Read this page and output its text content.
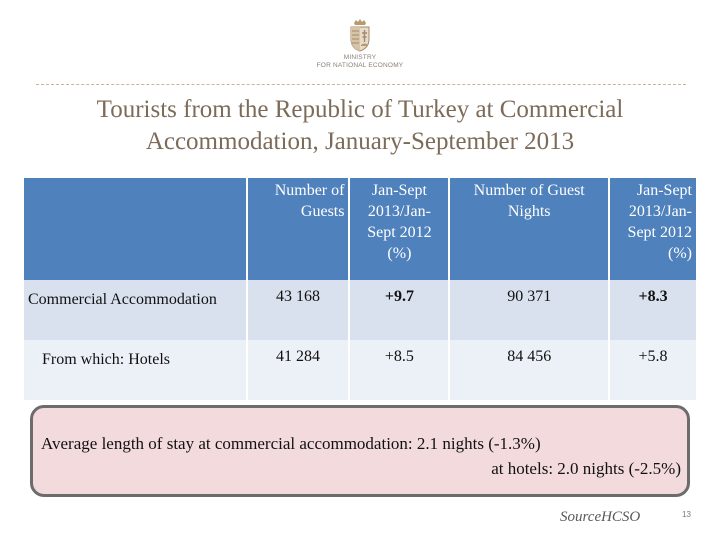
MINISTRY
FOR NATIONAL ECONOMY
Tourists from the Republic of Turkey at Commercial
Accommodation, January-September 2013
	Number of Guests	Jan-Sept 2013/Jan-Sept 2012 (%)	Number of Guest Nights	Jan-Sept 2013/Jan-Sept 2012 (%)
Commercial Accommodation	43 168	+9.7	90 371	+8.3
From which: Hotels	41 284	+8.5	84 456	+5.8
Average length of stay at commercial accommodation: 2.1 nights (-1.3%)
at hotels: 2.0 nights (-2.5%)
SourceHCSO	13
